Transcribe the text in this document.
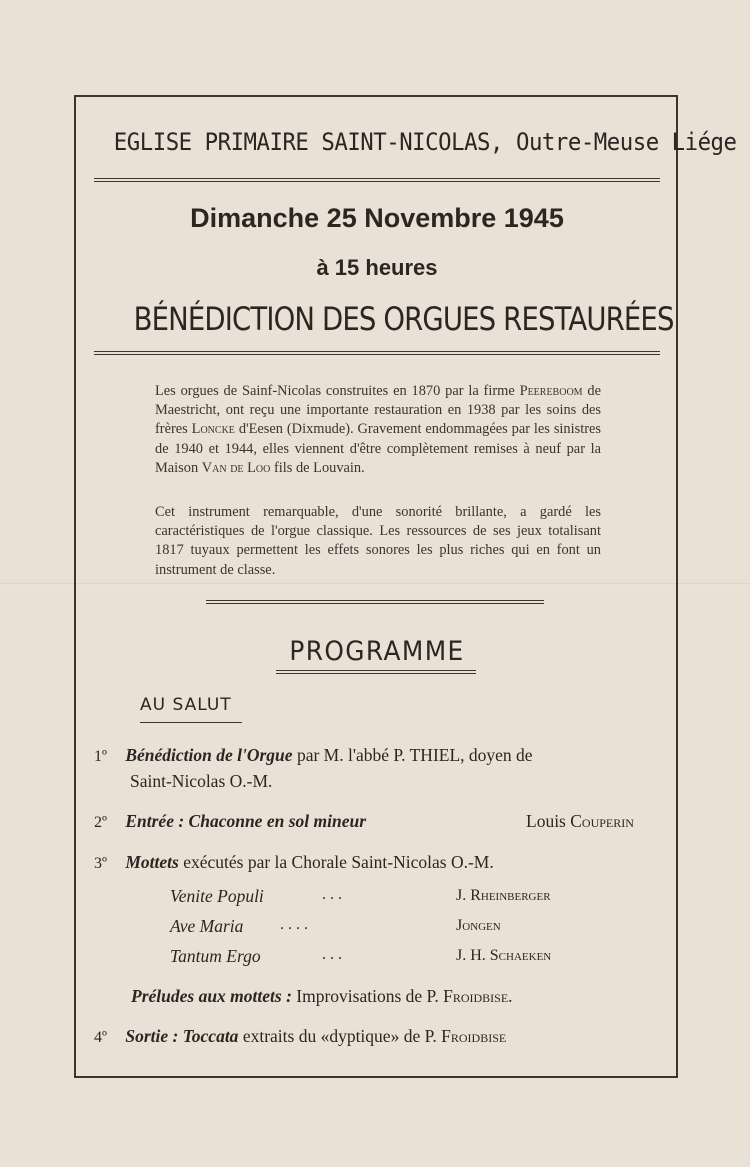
EGLISE PRIMAIRE SAINT-NICOLAS, Outre-Meuse Liége
Dimanche 25 Novembre 1945
à 15 heures
BÉNÉDICTION DES ORGUES RESTAURÉES
Les orgues de Sainf-Nicolas construites en 1870 par la firme Peereboom de Maestricht, ont reçu une importante restauration en 1938 par les soins des frères Loncke d'Eesen (Dixmude). Gravement endommagées par les sinistres de 1940 et 1944, elles viennent d'être complètement remises à neuf par la Maison Van de Loo fils de Louvain.
Cet instrument remarquable, d'une sonorité brillante, a gardé les caractéristiques de l'orgue classique. Les ressources de ses jeux totalisant 1817 tuyaux permettent les effets sonores les plus riches qui en font un instrument de classe.
PROGRAMME
AU SALUT
1º Bénédiction de l'Orgue par M. l'abbé P. THIEL, doyen de
Saint-Nicolas O.-M.
2º Entrée : Chaconne en sol mineur	Louis Couperin
3º Mottets exécutés par la Chorale Saint-Nicolas O.-M.
Venite Populi	. . .	J. Rheinberger
Ave Maria . . . .	Jongen
Tantum Ergo	. . .	J. H. Schaeken
Préludes aux mottets : Improvisations de P. Froidbise.
4º Sortie : Toccata extraits du «dyptique» de P. Froidbise
